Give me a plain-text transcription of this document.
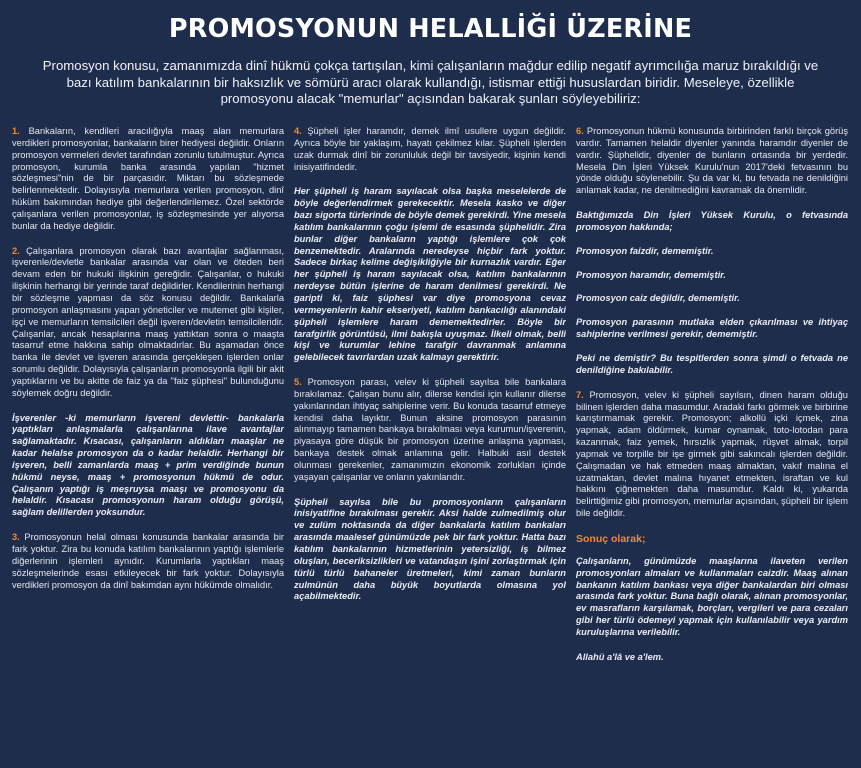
PROMOSYONUN HELALLİĞİ ÜZERİNE
Promosyon konusu, zamanımızda dinî hükmü çokça tartışılan, kimi çalışanların mağdur edilip negatif ayrımcılığa maruz bırakıldığı ve bazı katılım bankalarının bir haksızlık ve sömürü aracı olarak kullandığı, istismar ettiği hususlardan biridir. Meseleye, özellikle promosyonu alacak "memurlar" açısından bakarak şunları söyleyebiliriz:

1. Bankaların, kendileri aracılığıyla maaş alan memurlara verdikleri promosyonlar, bankaların birer hediyesi değildir. Onların promosyon vermeleri devlet tarafından zorunlu tutulmuştur. Ayrıca promosyon, kurumla banka arasında yapılan "hizmet sözleşmesi"nin de bir parçasıdır. Miktarı bu sözleşmede belirlenmektedir. Dolayısıyla memurlara verilen promosyon, dinî hüküm bakımından hediye gibi değerlendirilemez. Özel sektörde çalışanlara verilen promosyonlar, iş sözleşmesinde yer alıyorsa bunlar da hediye değildir.

2. Çalışanlara promosyon olarak bazı avantajlar sağlanması, işverenle/devletle bankalar arasında var olan ve öteden beri devam eden bir hukuki ilişkinin gereğidir. Çalışanlar, o hukuki ilişkinin herhangi bir yerinde taraf değildirler. Kendilerinin herhangi bir sözleşme yapması da söz konusu değildir. Bankalarla promosyon anlaşmasını yapan yöneticiler ve mutemet gibi kişiler, işçi ve memurların temsilcileri değil işveren/devletin temsilcileridir. Çalışanlar, ancak hesaplarına maaş yattıktan sonra o maaşta tasarruf etme hakkına sahip olmaktadırlar. Bu aşamadan önce banka ile devlet ve işveren arasında gerçekleşen işlerden onlar sorumlu değildir. Dolayısıyla çalışanların promosyonla ilgili bir akit yaptıklarını ve bu akitte de faiz ya da "faiz şüphesi" bulunduğunu söylemek doğru değildir.

İşverenler -ki memurların işvereni devlettir- bankalarla yaptıkları anlaşmalarla çalışanlarına ilave avantajlar sağlamaktadır. Kısacası, çalışanların aldıkları maaşlar ne kadar helalse promosyon da o kadar helaldir. Herhangi bir işveren, belli zamanlarda maaş + prim verdiğinde bunun hükmü neyse, maaş + promosyonun hükmü de odur. Çalışanın yaptığı iş meşruysa maaşı ve promosyonu da helaldir. Kısacası promosyonun haram olduğu görüşü, sağlam delillerden yoksundur.

3. Promosyonun helal olması konusunda bankalar arasında bir fark yoktur. Zira bu konuda katılım bankalarının yaptığı işlemlerle diğerlerinin işlemleri aynıdır. Kurumlarla yaptıkları maaş sözleşmelerinde esası etkileyecek bir fark yoktur. Dolayısıyla verdikleri promosyon da dinî bakımdan aynı hükümde olmalıdır.

4. Şüpheli işler haramdır, demek ilmî usullere uygun değildir. Ayrıca böyle bir yaklaşım, hayatı çekilmez kılar. Şüpheli işlerden uzak durmak dinî bir zorunluluk değil bir tavsiyedir, kişinin kendi inisiyatifindedir.

Her şüpheli iş haram sayılacak olsa başka meselelerde de böyle değerlendirmek gerekecektir. Mesela kasko ve diğer bazı sigorta türlerinde de böyle demek gerekirdi. Yine mesela katılım bankalarının çoğu işlemi de esasında şüphelidir. Zira bunlar diğer bankaların yaptığı işlemlere çok çok benzemektedir. Aralarında neredeyse hiçbir fark yoktur. Sadece birkaç kelime değişikliğiyle bir kurnazlık vardır. Eğer her şüpheli iş haram sayılacak olsa, katılım bankalarının nerdeyse bütün işlerine de haram denilmesi gerekirdi. Ne garipti ki, faiz şüphesi var diye promosyona cevaz vermeyenlerin kahir ekseriyeti, katılım bankacılığı alanındaki şüpheli işlemlere haram dememektedirler. Böyle bir tarafgirlik görüntüsü, ilmi bakışla uyuşmaz. İlkeli olmak, belli kişi ve kurumlar lehine tarafgir davranmak anlamına gelebilecek tavırlardan uzak kalmayı gerektirir.

5. Promosyon parası, velev ki şüpheli sayılsa bile bankalara bırakılamaz. Çalışan bunu alır, dilerse kendisi için kullanır dilerse yakınlarından ihtiyaç sahiplerine verir. Bu konuda tasarruf etmeye kendisi daha layıktır. Bunun aksine promosyon parasının alınmayıp tamamen bankaya bırakılması veya kurumun/işverenin, piyasaya göre düşük bir promosyon üzerine anlaşma yapması, bankaya destek olmak anlamına gelir. Halbuki asıl destek olunması gerekenler, zamanımızın ekonomik zorlukları içinde yaşayan çalışanlar ve onların yakınlarıdır.

Şüpheli sayılsa bile bu promosyonların çalışanların inisiyatifine bırakılması gerekir. Aksi halde zulmedilmiş olur ve zulüm noktasında da diğer bankalarla katılım bankaları arasında maalesef günümüzde pek bir fark yoktur. Hatta bazı katılım bankalarının hizmetlerinin yetersizliği, iş bilmez oluşları, beceriksizlikleri ve vatandaşın işini zorlaştırmak için türlü türlü bahaneler üretmeleri, kimi zaman bunların zulmünün daha büyük boyutlarda olmasına yol açabilmektedir.

6. Promosyonun hükmü konusunda birbirinden farklı birçok görüş vardır. Tamamen helaldir diyenler yanında haramdır diyenler de vardır. Şüphelidir, diyenler de bunların ortasında bir yerdedir. Mesela Din İşleri Yüksek Kurulu'nun 2017'deki fetvasının bu yönde olduğu söylenebilir. Şu da var ki, bu fetvada ne denildiğini anlamak kadar, ne denilmediğini kavramak da önemlidir.

Baktığımızda Din İşleri Yüksek Kurulu, o fetvasında promosyon hakkında;

Promosyon faizdir, dememiştir.

Promosyon haramdır, dememiştir.

Promosyon caiz değildir, dememiştir.

Promosyon parasının mutlaka elden çıkarılması ve ihtiyaç sahiplerine verilmesi gerekir, dememiştir.

Peki ne demiştir? Bu tespitlerden sonra şimdi o fetvada ne denildiğine bakılabilir.

7. Promosyon, velev ki şüpheli sayılsın, dinen haram olduğu bilinen işlerden daha masumdur. Aradaki farkı görmek ve birbirine karıştırmamak gerekir. Promosyon; alkollü içki içmek, zina yapmak, adam öldürmek, kumar oynamak, toto-lotodan para kazanmak, faiz yemek, hırsızlık yapmak, rüşvet almak, torpil yapmak ve torpille bir işe girmek gibi sakıncalı işlerden değildir. Çalışmadan ve hak etmeden maaş almaktan, vakıf malına el uzatmaktan, devlet malına hıyanet etmekten, israftan ve kul hakkını çiğnemekten daha masumdur. Kaldı ki, yukarıda belirttiğimiz gibi promosyon, memurlar açısından, şüpheli bir işlem bile değildir.

Sonuç olarak;

Çalışanların, günümüzde maaşlarına ilaveten verilen promosyonları almaları ve kullanmaları caizdir. Maaş alınan bankanın katılım bankası veya diğer bankalardan biri olması arasında fark yoktur. Buna bağlı olarak, alınan promosyonlar, ev masrafların karşılamak, borçları, vergileri ve para cezaları gibi her türlü ödemeyi yapmak için kullanılabilir veya yardım kuruluşlarına verilebilir.

Allahü a'lâ ve a'lem.
